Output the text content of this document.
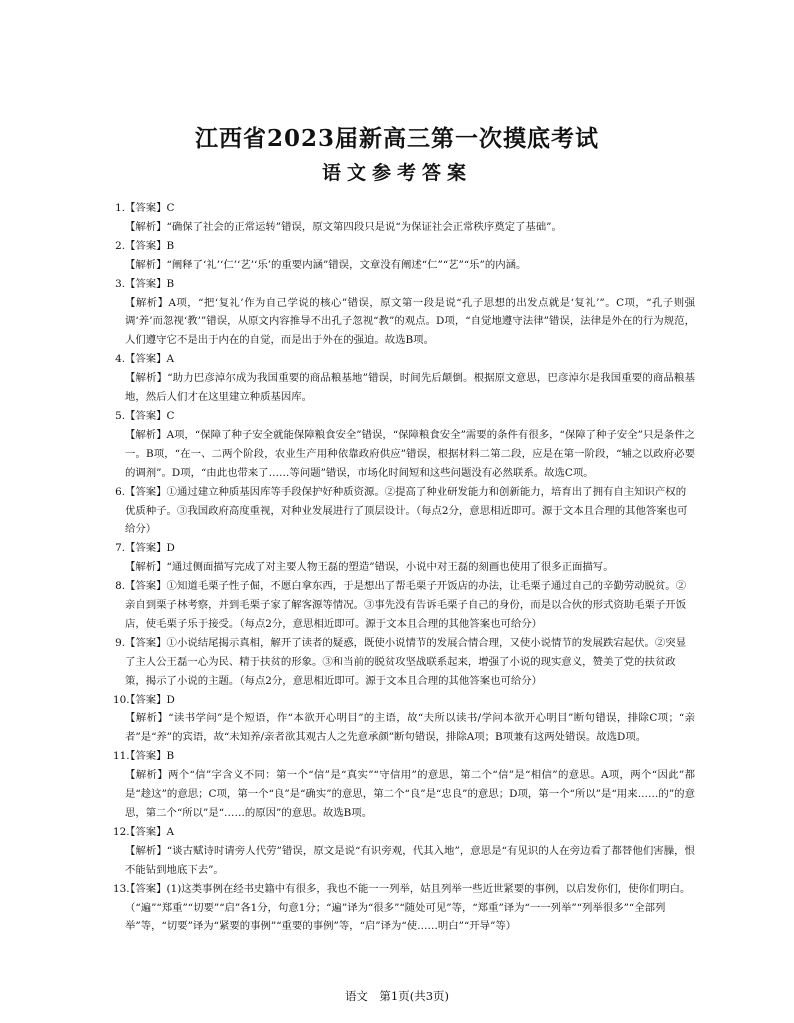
江西省2023届新高三第一次摸底考试
语文参考答案
1. 【答案】C
【解析】“确保了社会的正常运转”错误，原文第四段只是说“为保证社会正常秩序奠定了基础”。
2. 【答案】B
【解析】“阐释了‘礼’‘仁’‘艺’‘乐’的重要内涵”错误，文章没有阐述“仁”“艺”“乐”的内涵。
3. 【答案】B
【解析】A项，“把‘复礼’作为自己学说的核心”错误，原文第一段是说“孔子思想的出发点就是‘复礼’”。C项，“孔子则强调‘养’而忽视‘教’”错误，从原文内容推导不出孔子忽视“教”的观点。D项，“自觉地遵守法律”错误，法律是外在的行为规范，人们遵守它不是出于内在的自觉，而是出于外在的强迫。故选B项。
4. 【答案】A
【解析】“助力巴彦淖尔成为我国重要的商品粮基地”错误，时间先后颠倒。根据原文意思，巴彦淖尔是我国重要的商品粮基地，然后人们才在这里建立种质基因库。
5. 【答案】C
【解析】A项，“保障了种子安全就能保障粮食安全”错误，“保障粮食安全”需要的条件有很多，“保障了种子安全”只是条件之一。B项，“在一、二两个阶段，农业生产用种依靠政府供应”错误，根据材料二第二段，应是在第一阶段，“辅之以政府必要的调剂”。D项，“由此也带来了……等问题”错误，市场化时间短和这些问题没有必然联系。故选C项。
6. 【答案】①通过建立种质基因库等手段保护好种质资源。②提高了种业研发能力和创新能力，培育出了拥有自主知识产权的优质种子。③我国政府高度重视，对种业发展进行了顶层设计。（每点2分，意思相近即可。源于文本且合理的其他答案也可给分）
7. 【答案】D
【解析】“通过侧面描写完成了对主要人物王磊的塑造”错误，小说中对王磊的刻画也使用了很多正面描写。
8. 【答案】①知道毛栗子性子倔，不愿白拿东西，于是想出了帮毛栗子开饭店的办法，让毛栗子通过自己的辛勤劳动脱贫。②亲自到栗子林考察，并到毛栗子家了解客源等情况。③事先没有告诉毛栗子自己的身份，而是以合伙的形式资助毛栗子开饭店，使毛栗子乐于接受。（每点2分，意思相近即可。源于文本且合理的其他答案也可给分）
9. 【答案】①小说结尾揭示真相，解开了读者的疑惑，既使小说情节的发展合情合理，又使小说情节的发展跌宕起伏。②突显了主人公王磊一心为民、精于扶贫的形象。③和当前的脱贫攻坚战联系起来，增强了小说的现实意义，赞美了党的扶贫政策，揭示了小说的主题。（每点2分，意思相近即可。源于文本且合理的其他答案也可给分）
10.
【答案】D
【解析】“读书学问”是个短语，作“本欲开心明目”的主语，故“夫所以读书/学问本欲开心明目”断句错误，排除C项；“亲者”是“养”的宾语，故“未知养/亲者欲其观古人之先意承颜”断句错误，排除A项；B项兼有这两处错误。故选D项。
11.
【答案】B
【解析】两个“信”字含义不同：第一个“信”是“真实”“守信用”的意思，第二个“信”是“相信”的意思。A项，两个“因此”都是“趁这”的意思；C项，第一个“良”是“确实”的意思，第二个“良”是“忠良”的意思；D项，第一个“所以”是“用来……的”的意思，第二个“所以”是“……的原因”的意思。故选B项。
12.
【答案】A
【解析】“谈古赋诗时请旁人代劳”错误，原文是说“有识旁观，代其入地”，意思是“有见识的人在旁边看了都替他们害臊，恨不能钻到地底下去”。
13.
【答案】(1)这类事例在经书史籍中有很多，我也不能一一列举，姑且列举一些近世紧要的事例，以启发你们，使你们明白。（“遍”“郑重”“切要”“启”各1分，句意1分；“遍”译为“很多”“随处可见”等，“郑重”译为“一一列举”“列举很多”“全部列举”等，“切要”译为“紧要的事例”“重要的事例”等，“启”译为“使……明白”“开导”等）
语文　第1页(共3页)
